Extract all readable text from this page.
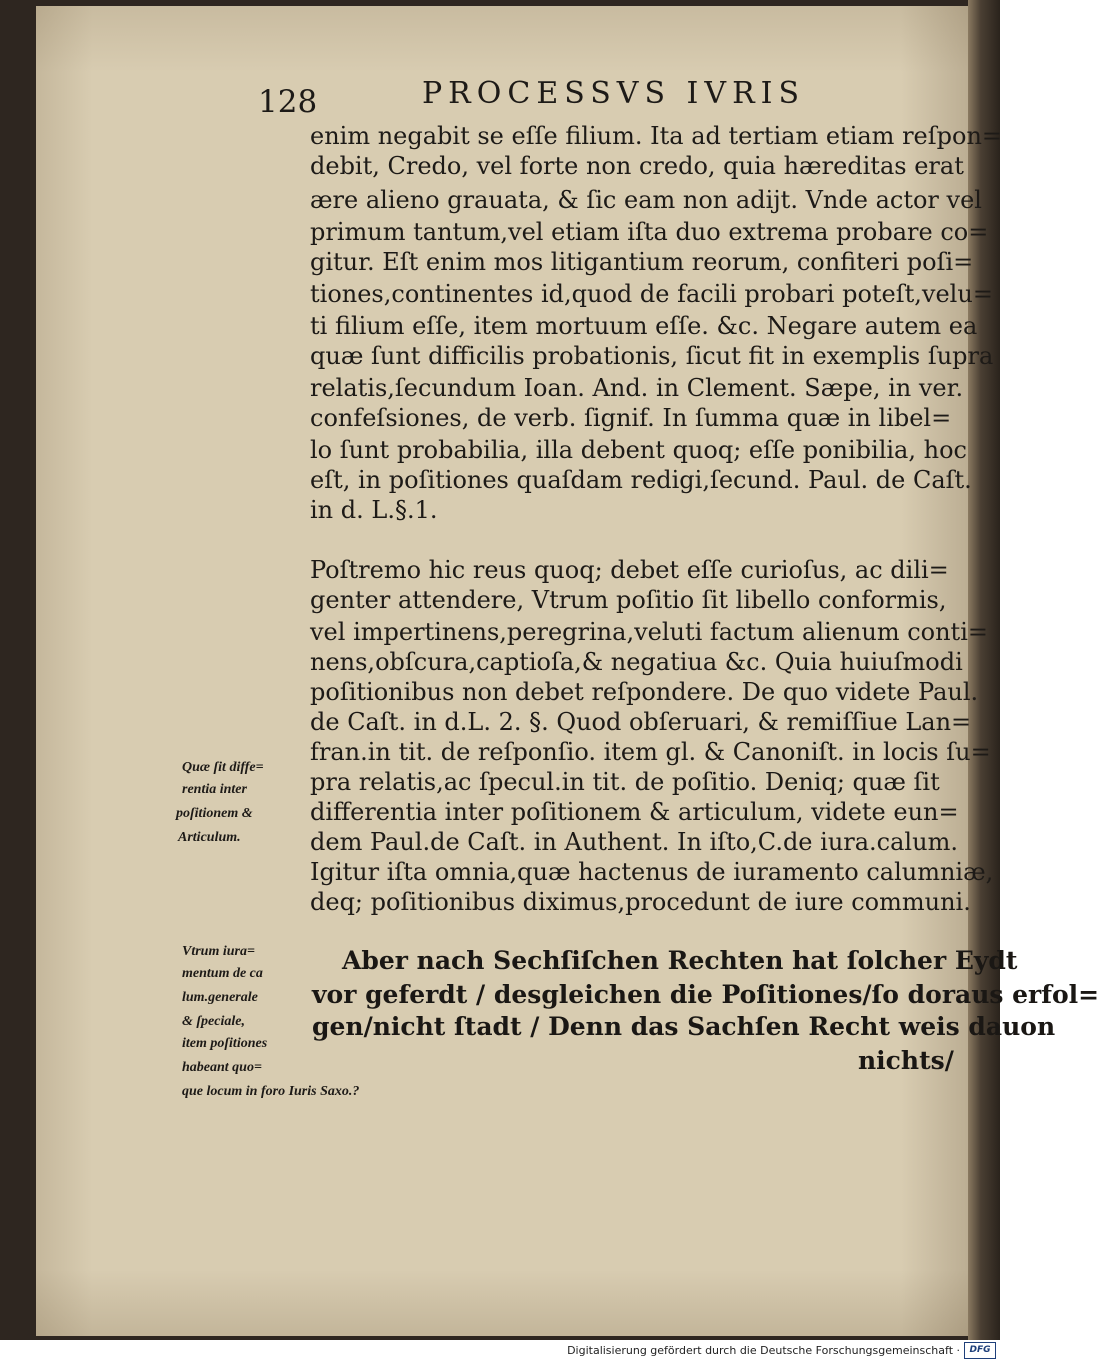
128	PROCESSVS IVRIS
enim negabit se eſſe filium. Ita ad tertiam etiam reſpon=
debit, Credo, vel forte non credo, quia hæreditas erat
ære alieno grauata, & ſic eam non adijt. Vnde actor vel
primum tantum,vel etiam iſta duo extrema probare co=
gitur. Eſt enim mos litigantium reorum, confiteri poſi=
tiones,continentes id,quod de facili probari poteſt,velu=
ti filium eſſe, item mortuum eſſe. &c. Negare autem ea
quæ ſunt difficilis probationis, ſicut fit in exemplis ſupra
relatis,ſecundum Ioan. And. in Clement. Sæpe, in ver.
confeſsiones, de verb. ſignif. In ſumma quæ in libel=
lo ſunt probabilia, illa debent quoq; eſſe ponibilia, hoc
eſt, in poſitiones quaſdam redigi,ſecund. Paul. de Caſt.
in d. L.§.1.
Poſtremo hic reus quoq; debet eſſe curioſus, ac dili=
genter attendere, Vtrum poſitio ſit libello conformis,
vel impertinens,peregrina,veluti factum alienum conti=
nens,obſcura,captioſa,& negatiua &c. Quia huiuſmodi
poſitionibus non debet reſpondere. De quo videte Paul.
de Caſt. in d.L. 2. §. Quod obſeruari, & remiſſiue Lan=
fran.in tit. de reſponſio. item gl. & Canoniſt. in locis ſu=
pra relatis,ac ſpecul.in tit. de poſitio. Deniq; quæ ſit
differentia inter poſitionem & articulum, videte eun=
dem Paul.de Caſt. in Authent. In iſto,C.de iura.calum.
Igitur iſta omnia,quæ hactenus de iuramento calumniæ,
deq; poſitionibus diximus,procedunt de iure communi.
Aber nach Sechſiſchen Rechten hat ſolcher Eydt
vor geferdt / desgleichen die Poſitiones/ſo doraus erfol=
gen/nicht ſtadt / Denn das Sachſen Recht weis dauon
nichts/
Quæ ſit diffe=
rentia inter
poſitionem &
Articulum.
Vtrum iura=
mentum de ca
lum.generale
& ſpeciale,
item poſitiones
habeant quo=
que locum in foro Iuris Saxo.?
Digitalisierung gefördert durch die Deutsche Forschungsgemeinschaft ·	DFG
